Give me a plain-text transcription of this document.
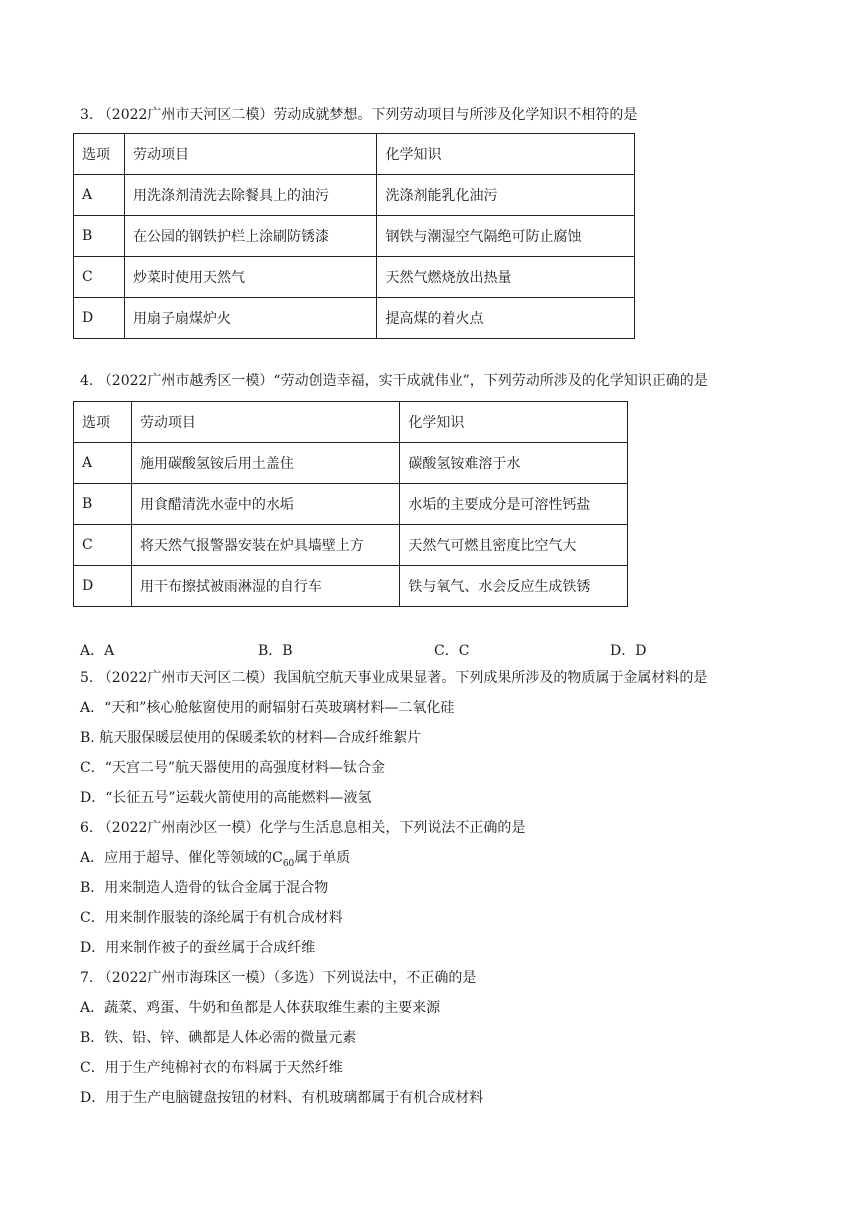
3. （2022广州市天河区二模）劳动成就梦想。下列劳动项目与所涉及化学知识不相符的是
选项	劳动项目	化学知识
A	用洗涤剂清洗去除餐具上的油污	洗涤剂能乳化油污
B	在公园的钢铁护栏上涂刷防锈漆	钢铁与潮湿空气隔绝可防止腐蚀
C	炒菜时使用天然气	天然气燃烧放出热量
D	用扇子扇煤炉火	提高煤的着火点
4. （2022广州市越秀区一模）“劳动创造幸福，实干成就伟业”，下列劳动所涉及的化学知识正确的是
选项	劳动项目	化学知识
A	施用碳酸氢铵后用土盖住	碳酸氢铵难溶于水
B	用食醋清洗水壶中的水垢	水垢的主要成分是可溶性钙盐
C	将天然气报警器安装在炉具墙壁上方	天然气可燃且密度比空气大
D	用干布擦拭被雨淋湿的自行车	铁与氧气、水会反应生成铁锈
A．A	B．B	C．C	D．D
5. （2022广州市天河区二模）我国航空航天事业成果显著。下列成果所涉及的物质属于金属材料的是
A．“天和”核心舱舷窗使用的耐辐射石英玻璃材料—二氧化硅
B. 航天服保暖层使用的保暖柔软的材料—合成纤维絮片
C．“天宫二号”航天器使用的高强度材料—钛合金
D．“长征五号”运载火箭使用的高能燃料—液氢
6. （2022广州南沙区一模）化学与生活息息相关，下列说法不正确的是
A．应用于超导、催化等领域的$C_{60}$属于单质
B．用来制造人造骨的钛合金属于混合物
C．用来制作服装的涤纶属于有机合成材料
D．用来制作被子的蚕丝属于合成纤维
7. （2022广州市海珠区一模）（多选）下列说法中，不正确的是
A．蔬菜、鸡蛋、牛奶和鱼都是人体获取维生素的主要来源
B．铁、铅、锌、碘都是人体必需的微量元素
C．用于生产纯棉衬衣的布料属于天然纤维
D．用于生产电脑键盘按钮的材料、有机玻璃都属于有机合成材料
